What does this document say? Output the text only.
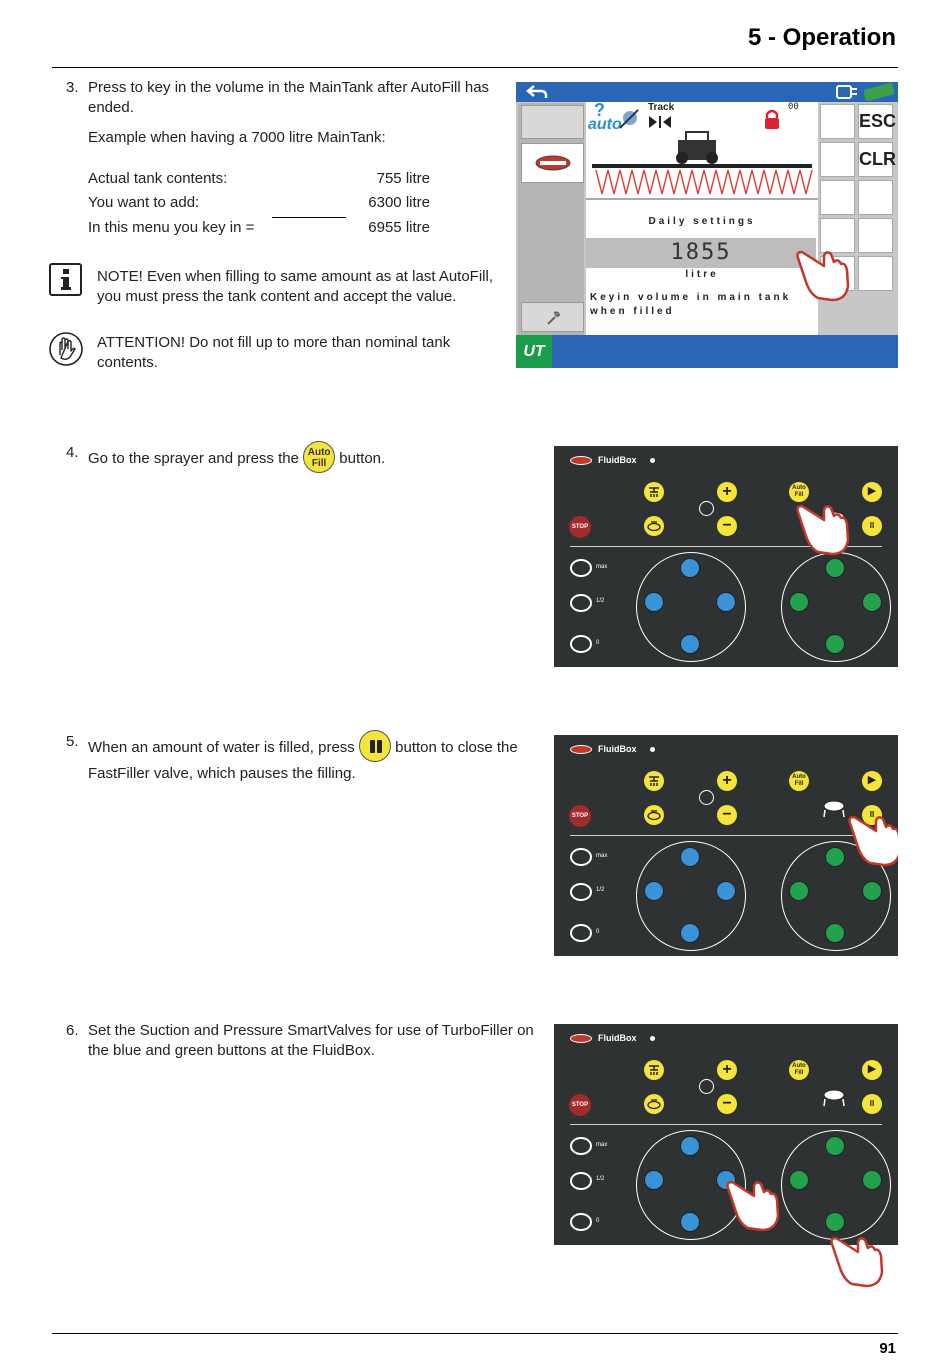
5 - Operation
91
3. Press to key in the volume in the MainTank after AutoFill has
ended.
Example when having a 7000 litre MainTank:
Actual tank contents:	755 litre
You want to add:	6300 litre
In this menu you key in =	6955 litre
NOTE! Even when filling to same amount as at last AutoFill,
you must press the tank content and accept the value.
ATTENTION! Do not fill up to more than nominal tank
contents.
auto
?	Track	00
Daily settings
1855
litre
Keyin volume in main tank when filled
ESC
CLR
UT
4. Go to the sprayer and press the Auto
Fill button.
5. When an amount of water is filled, press	button to close the
FastFiller valve, which pauses the filling.
6. Set the Suction and Pressure SmartValves for use of TurboFiller on
the blue and green buttons at the FluidBox.
FluidBox
+	Auto
Fill	▶
STOP	−	II
max
1/2
0
FluidBox
+	Auto
Fill	▶
STOP	−	II
max
1/2
0
FluidBox
+	Auto
Fill	▶
STOP	−	II
max
1/2
0
